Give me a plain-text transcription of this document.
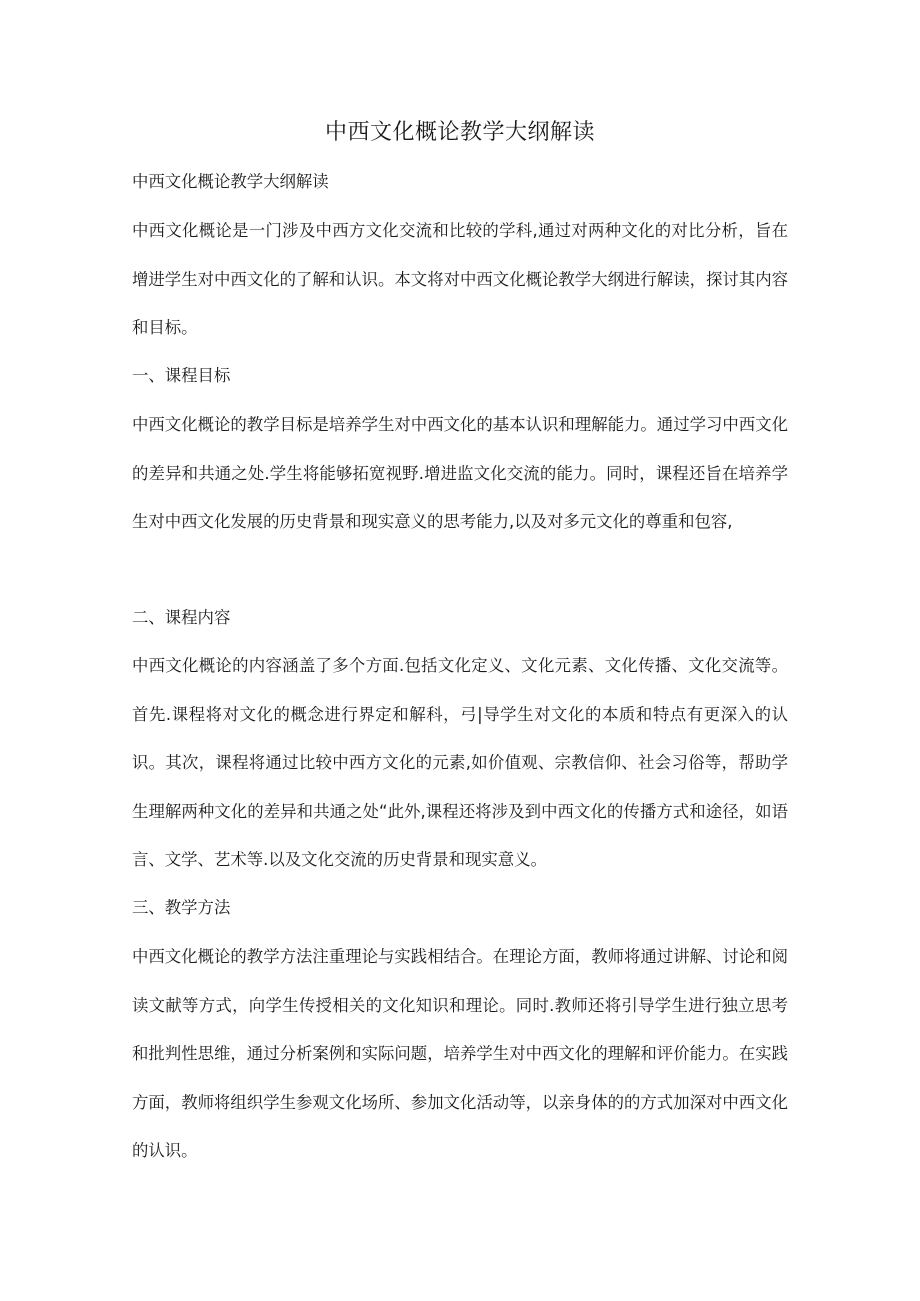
中西文化概论教学大纲解读

中西文化概论教学大纲解读

中西文化概论是一门涉及中西方文化交流和比较的学科,通过对两种文化的对比分析，旨在增进学生对中西文化的了解和认识。本文将对中西文化概论教学大纲进行解读，探讨其内容和目标。

一、课程目标

中西文化概论的教学目标是培养学生对中西文化的基本认识和理解能力。通过学习中西文化的差异和共通之处.学生将能够拓宽视野.增进监文化交流的能力。同时，课程还旨在培养学生对中西文化发展的历史背景和现实意义的思考能力,以及对多元文化的尊重和包容,

二、课程内容

中西文化概论的内容涵盖了多个方面.包括文化定义、文化元素、文化传播、文化交流等。首先.课程将对文化的概念进行界定和解科，弓|导学生对文化的本质和特点有更深入的认识。其次，课程将通过比较中西方文化的元素,如价值观、宗教信仰、社会习俗等，帮助学生理解两种文化的差异和共通之处“此外,课程还将涉及到中西文化的传播方式和途径，如语言、文学、艺术等.以及文化交流的历史背景和现实意义。

三、教学方法

中西文化概论的教学方法注重理论与实践相结合。在理论方面，教师将通过讲解、讨论和阅读文献等方式，向学生传授相关的文化知识和理论。同时.教师还将引导学生进行独立思考和批判性思维，通过分析案例和实际问题，培养学生对中西文化的理解和评价能力。在实践方面，教师将组织学生参观文化场所、参加文化活动等，以亲身体的的方式加深对中西文化的认识。
